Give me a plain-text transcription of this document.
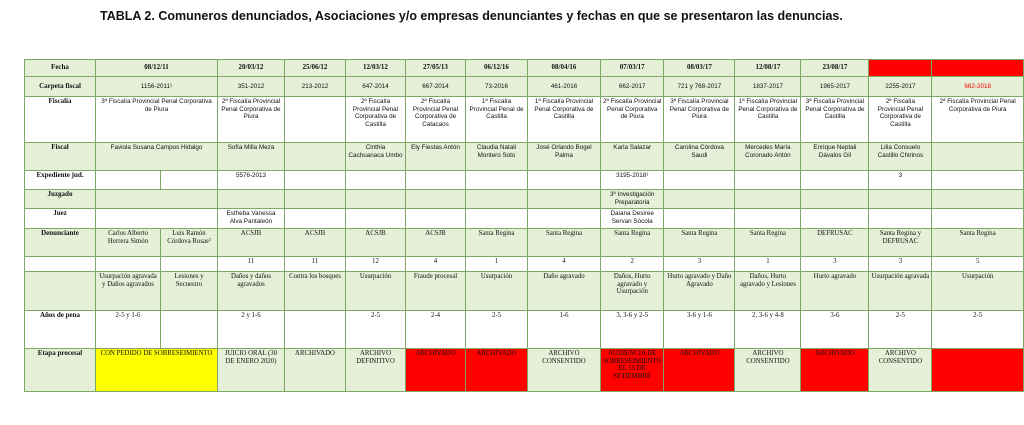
TABLA 2. Comuneros denunciados, Asociaciones y/o empresas denunciantes y fechas en que se presentaron las denuncias.
Fecha	08/12/11		20/03/12	25/06/12	12/03/12	27/05/13	06/12/16	08/04/16	07/03/17	08/03/17	12/08/17	23/08/17		
Carpeta fiscal	1156-2011¹		351-2012	213-2012	647-2014	667-2014	73-2016	461-2016	662-2017	721 y 768-2017	1837-2017	1965-2017	2255-2017	662-2018
Fiscalía	3ª Fiscalía Provincial Penal Corporativa de Piura		2ª Fiscalía Provincial Penal Corporativa de Piura		2ª Fiscalía Provincial Penal Corporativa de Castilla	2ª Fiscalía Provincial Penal Corporativa de Catacaos	1ª Fiscalía Provincial Penal de Castilla	1ª Fiscalía Provincial Penal Corporativa de Castilla	2ª Fiscalía Provincial Penal Corporativa de Piura	3ª Fiscalía Provincial Penal Corporativa de Piura	1ª Fiscalía Provincial Penal Corporativa de Castilla	3ª Fiscalía Provincial Penal Corporativa de Castilla	2ª Fiscalía Provincial Penal Corporativa de Castilla	2ª Fiscalía Provincial Penal Corporativa de Piura
Fiscal	Faviola Susana Campos Hidalgo		Sofía Milla Meza		Cinthia Cachuanaca Umbo	Ely Fiestas Antón	Claudia Natali Montero Soto	José Orlando Bogel Palma	Karla Salazar	Carolina Córdova Saudi	Mercedes María Coronado Antón	Enrique Neptali Dávalos Gil	Lilia Consuelo Castillo Chirinos	
Expediente jud.			5576-2013						3195-2018¹				3	
Juzgado									3º Investigación Preparatoria					
Juez			Estheba Vanessa Alva Pantaleón						Daiana Desiree Servan Sócola					
Denunciante	Carlos Alberto Herrera Simón	Luis Ramón Córdova Rosas²	ACSJB	ACSJB	ACSJB	ACSJB	Santa Regina	Santa Regina	Santa Regina	Santa Regina	Santa Regina	DEFRUSAC	Santa Regina y DEFRUSAC	Santa Regina
			11	11	12	4	1	4	2	3	1	3	3	5
	Usurpación agravada y Daños agravados	Lesiones y Secuestro	Daños y daños agravados	Contra los bosques	Usurpación	Fraude procesal	Usurpación	Daño agravado	Daños, Hurto agravado y Usurpación	Hurto agravado y Daño Agravado	Daños, Hurto agravado y Lesiones	Hurto agravado	Usurpación agravada	Usurpación
Años de pena	2-5 y 1-6		2 y 1-6		2-5	2-4	2-5	1-6	3, 3-6 y 2-5	3-6 y 1-6	2, 3-6 y 4-8	3-6	2-5	2-5
Etapa procesal	CON PEDIDO DE SOBRESEIMIENTO		JUICIO ORAL (30 DE ENERO 2020)	ARCHIVADO	ARCHIVO DEFINITIVO	ARCHIVADO	ARCHIVADO	ARCHIVO CONSENTIDO	AUDIENCIA DE SOBRESEIMIENTO EL 15 DE SETIEMBRE	ARCHIVADO	ARCHIVO CONSENTIDO	ARCHIVADO	ARCHIVO CONSENTIDO	
